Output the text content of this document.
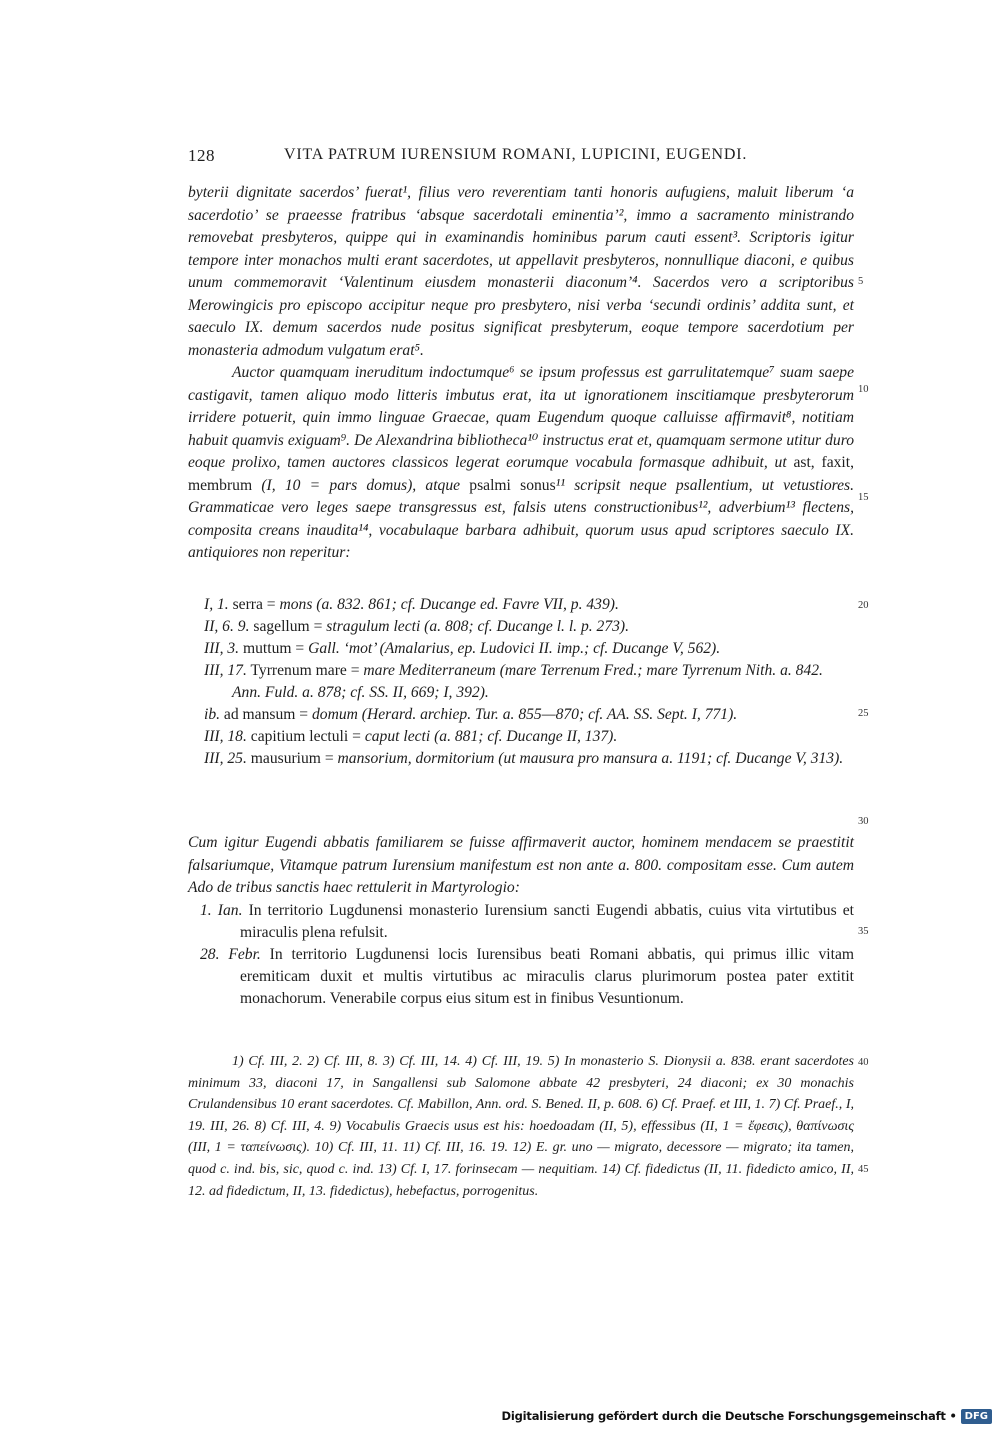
128	VITA PATRUM IURENSIUM ROMANI, LUPICINI, EUGENDI.

byterii dignitate sacerdos’ fuerat¹, filius vero reverentiam tanti honoris aufugiens, maluit liberum ‘a sacerdotio’ se praeesse fratribus ‘absque sacerdotali eminentia’², immo a sacramento ministrando removebat presbyteros, quippe qui in examinandis hominibus parum cauti essent³. Scriptoris igitur tempore inter monachos multi erant sacerdotes, ut appellavit presbyteros, nonnullique diaconi, e quibus unum commemoravit ‘Valentinum eiusdem monasterii diaconum’⁴. Sacerdos vero a scriptoribus Merowingicis pro episcopo accipitur neque pro presbytero, nisi verba ‘secundi ordinis’ addita sunt, et saeculo IX. demum sacerdos nude positus significat presbyterum, eoque tempore sacerdotium per monasteria admodum vulgatum erat⁵.

Auctor quamquam ineruditum indoctumque⁶ se ipsum professus est garrulitatemque⁷ suam saepe castigavit, tamen aliquo modo litteris imbutus erat, ita ut ignorationem inscitiamque presbyterorum irridere potuerit, quin immo linguae Graecae, quam Eugendum quoque calluisse affirmavit⁸, notitiam habuit quamvis exiguam⁹. De Alexandrina bibliotheca¹⁰ instructus erat et, quamquam sermone utitur duro eoque prolixo, tamen auctores classicos legerat eorumque vocabula formasque adhibuit, ut ast, faxit, membrum (I, 10 = pars domus), atque psalmi sonus¹¹ scripsit neque psallentium, ut vetustiores. Grammaticae vero leges saepe transgressus est, falsis utens constructionibus¹², adverbium¹³ flectens, composita creans inaudita¹⁴, vocabulaque barbara adhibuit, quorum usus apud scriptores saeculo IX. antiquiores non reperitur:

I, 1. serra = mons (a. 832. 861; cf. Ducange ed. Favre VII, p. 439).

II, 6. 9. sagellum = stragulum lecti (a. 808; cf. Ducange l. l. p. 273).

III, 3. muttum = Gall. ‘mot’ (Amalarius, ep. Ludovici II. imp.; cf. Ducange V, 562).

III, 17. Tyrrenum mare = mare Mediterraneum (mare Terrenum Fred.; mare Tyrrenum Nith. a. 842. Ann. Fuld. a. 878; cf. SS. II, 669; I, 392).

ib. ad mansum = domum (Herard. archiep. Tur. a. 855—870; cf. AA. SS. Sept. I, 771).

III, 18. capitium lectuli = caput lecti (a. 881; cf. Ducange II, 137).

III, 25. mausurium = mansorium, dormitorium (ut mausura pro mansura a. 1191; cf. Ducange V, 313).

Cum igitur Eugendi abbatis familiarem se fuisse affirmaverit auctor, hominem mendacem se praestitit falsariumque, Vitamque patrum Iurensium manifestum est non ante a. 800. compositam esse. Cum autem Ado de tribus sanctis haec rettulerit in Martyrologio:

1. Ian. In territorio Lugdunensi monasterio Iurensium sancti Eugendi abbatis, cuius vita virtutibus et miraculis plena refulsit.

28. Febr. In territorio Lugdunensi locis Iurensibus beati Romani abbatis, qui primus illic vitam eremiticam duxit et multis virtutibus ac miraculis clarus plurimorum postea pater extitit monachorum. Venerabile corpus eius situm est in finibus Vesuntionum.

1) Cf. III, 2. 2) Cf. III, 8. 3) Cf. III, 14. 4) Cf. III, 19. 5) In monasterio S. Dionysii a. 838. erant sacerdotes minimum 33, diaconi 17, in Sangallensi sub Salomone abbate 42 presbyteri, 24 diaconi; ex 30 monachis Crulandensibus 10 erant sacerdotes. Cf. Mabillon, Ann. ord. S. Bened. II, p. 608. 6) Cf. Praef. et III, 1. 7) Cf. Praef., I, 19. III, 26. 8) Cf. III, 4. 9) Vocabulis Graecis usus est his: hoedoadam (II, 5), effessibus (II, 1 = ἔφεσις), θαπίνωσις (III, 1 = ταπείνωσις). 10) Cf. III, 11. 11) Cf. III, 16. 19. 12) E. gr. uno — migrato, decessore — migrato; ita tamen, quod c. ind. bis, sic, quod c. ind. 13) Cf. I, 17. forinsecam — nequitiam. 14) Cf. fidedictus (II, 11. fidedicto amico, II, 12. ad fidedictum, II, 13. fidedictus), hebefactus, porrogenitus.

5
10
15
20
25
30
35
40
45
Digitalisierung gefördert durch die Deutsche Forschungsgemeinschaft • DFG
